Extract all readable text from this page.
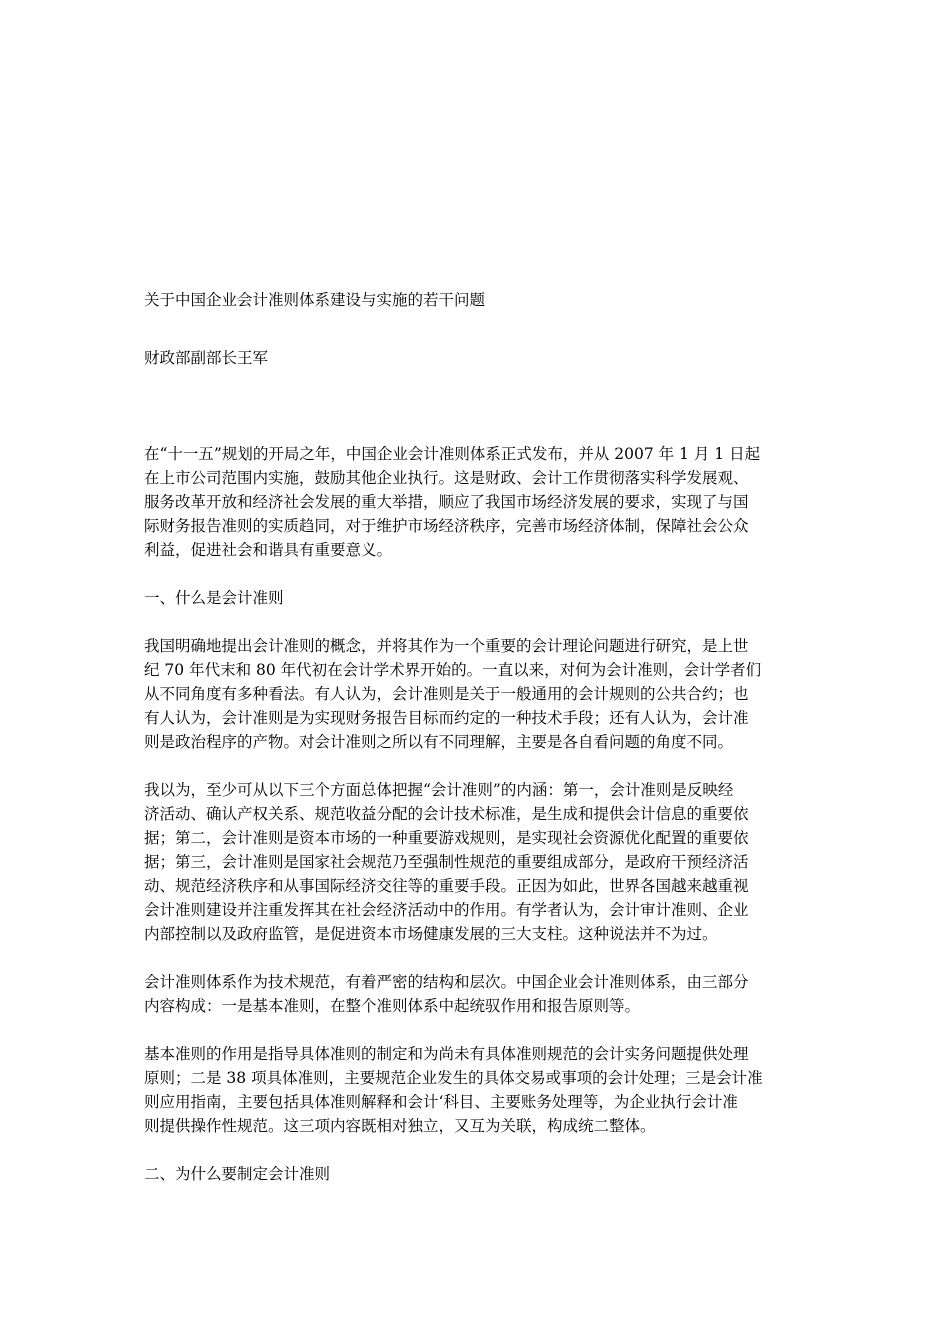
关于中国企业会计准则体系建设与实施的若干问题

财政部副部长王军

在“十一五”规划的开局之年，中国企业会计准则体系正式发布，并从 2007 年 1 月 1 日起

在上市公司范围内实施，鼓励其他企业执行。这是财政、会计工作贯彻落实科学发展观、

服务改革开放和经济社会发展的重大举措，顺应了我国市场经济发展的要求，实现了与国

际财务报告准则的实质趋同，对于维护市场经济秩序，完善市场经济体制，保障社会公众

利益，促进社会和谐具有重要意义。

一、什么是会计准则

我国明确地提出会计准则的概念，并将其作为一个重要的会计理论问题进行研究，是上世

纪 70 年代末和 80 年代初在会计学术界开始的。一直以来，对何为会计准则，会计学者们

从不同角度有多种看法。有人认为，会计准则是关于一般通用的会计规则的公共合约；也

有人认为，会计准则是为实现财务报告目标而约定的一种技术手段；还有人认为，会计准

则是政治程序的产物。对会计准则之所以有不同理解，主要是各自看问题的角度不同。

我以为，至少可从以下三个方面总体把握“会计准则”的内涵：第一，会计准则是反映经

济活动、确认产权关系、规范收益分配的会计技术标准，是生成和提供会计信息的重要依

据；第二，会计准则是资本市场的一种重要游戏规则，是实现社会资源优化配置的重要依

据；第三，会计准则是国家社会规范乃至强制性规范的重要组成部分，是政府干预经济活

动、规范经济秩序和从事国际经济交往等的重要手段。正因为如此，世界各国越来越重视

会计准则建设并注重发挥其在社会经济活动中的作用。有学者认为，会计审计准则、企业

内部控制以及政府监管，是促进资本市场健康发展的三大支柱。这种说法并不为过。

会计准则体系作为技术规范，有着严密的结构和层次。中国企业会计准则体系，由三部分

内容构成：一是基本准则，在整个准则体系中起统驭作用和报告原则等。

基本准则的作用是指导具体准则的制定和为尚未有具体准则规范的会计实务问题提供处理

原则；二是 38 项具体准则，主要规范企业发生的具体交易或事项的会计处理；三是会计准

则应用指南，主要包括具体准则解释和会计‘科目、主要账务处理等，为企业执行会计准

则提供操作性规范。这三项内容既相对独立，又互为关联，构成统二整体。

二、为什么要制定会计准则
